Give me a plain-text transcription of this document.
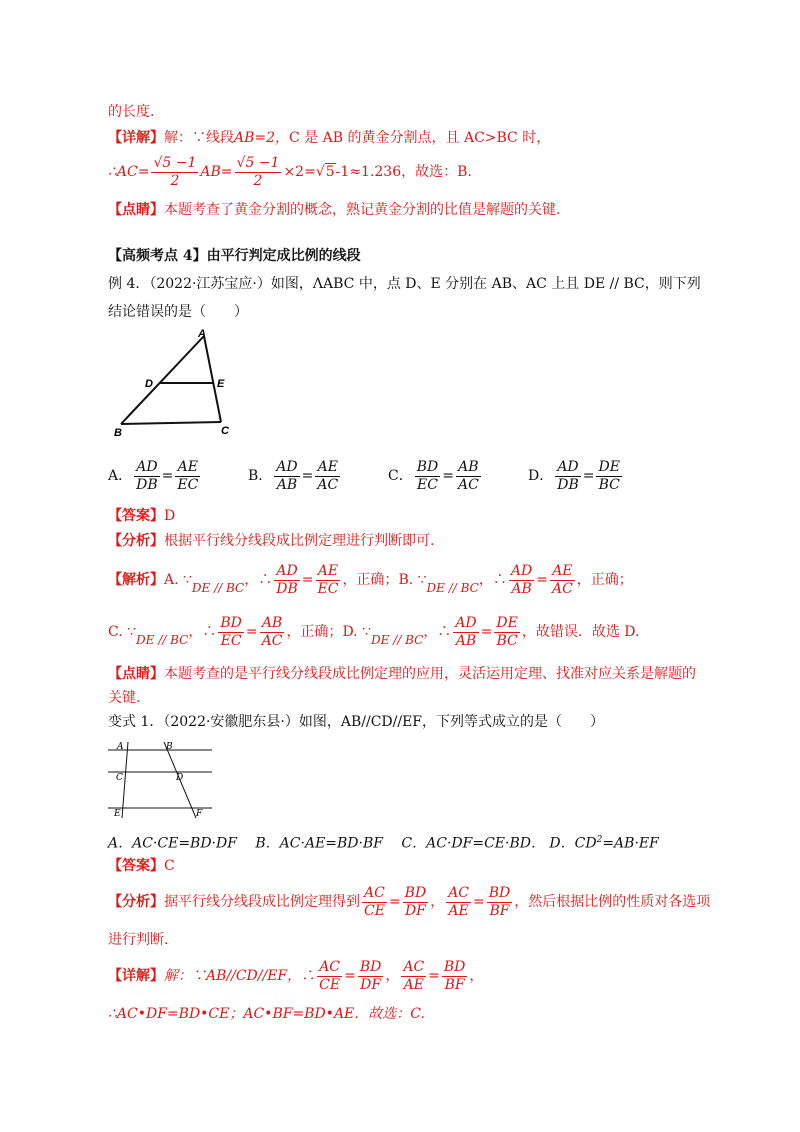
的长度.
【详解】解：∵线段AB=2，C 是 AB 的黄金分割点，且 AC>BC 时，
∴AC= $\frac{√5 -1}{2} AB= \frac{√5 -1}{2} \times 2=√5-1\approx 1.236$，故选：B.
【点睛】本题考查了黄金分割的概念，熟记黄金分割的比值是解题的关键.
【高频考点 4】由平行判定成比例的线段
例 4．（2022·江苏宝应·）如图，ΛABC 中，点 D、E 分别在 AB、AC 上且 DE // BC，则下列
结论错误的是（　　）
A
D	E
B	C
A． $\frac{AD}{DB} = \frac{AE}{EC}$	B． $\frac{AD}{AB} = \frac{AE}{AC}$	C． $\frac{BD}{EC} = \frac{AB}{AC}$	D． $\frac{AD}{DB} = \frac{DE}{BC}$
【答案】D
【分析】根据平行线分线段成比例定理进行判断即可.
【解析】A. ∵DE // BC，∴ $\frac{AD}{DB} = \frac{AE}{EC}$ ，正确；B. ∵DE // BC，∴ $\frac{AD}{AB} = \frac{AE}{AC}$ ，正确；
C. ∵DE // BC，∴ $\frac{BD}{EC} = \frac{AB}{AC}$ ，正确；D. ∵DE // BC，∴ $\frac{AD}{AB} = \frac{DE}{BC}$ ，故错误．故选 D.
【点睛】本题考查的是平行线分线段成比例定理的应用，灵活运用定理、找准对应关系是解题的
关键.
变式 1．（2022·安徽肥东县·）如图，AB//CD//EF，下列等式成立的是（　　）
A	B
C	D
E	F
A．AC·CE=BD·DF　 B．AC·AE=BD·BF　 C．AC·DF=CE·BD． D．$CD^2=AB\cdot EF$
【答案】C
【分析】据平行线分线段成比例定理得到 $\frac{AC}{CE} = \frac{BD}{DF}$ ， $\frac{AC}{AE} = \frac{BD}{BF}$ ，然后根据比例的性质对各选项
进行判断.
【详解】解：∵AB//CD//EF，∴ $\frac{AC}{CE} = \frac{BD}{DF}$ ， $\frac{AC}{AE} = \frac{BD}{BF}$ ，
∴AC•DF=BD•CE；AC•BF=BD•AE．故选：C.
